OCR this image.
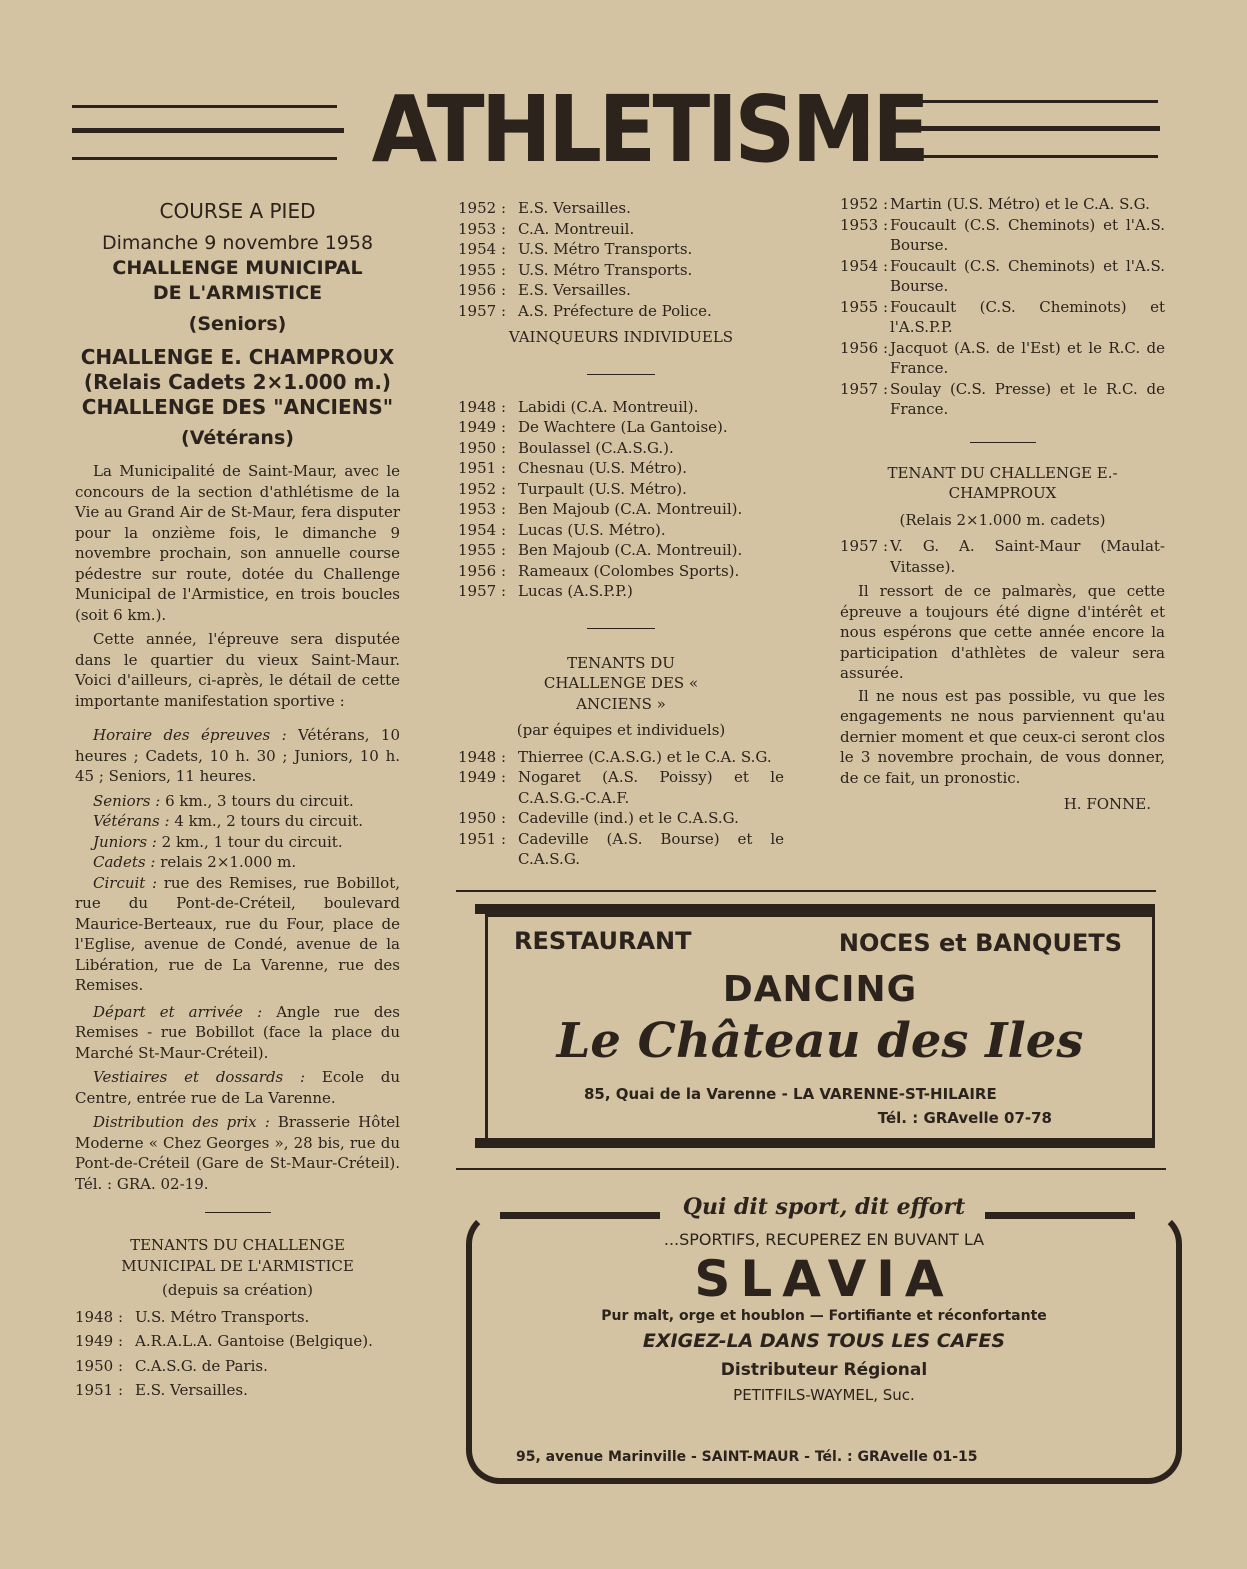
ATHLETISME
COURSE A PIED
Dimanche 9 novembre 1958
CHALLENGE MUNICIPAL DE L'ARMISTICE
(Seniors)
CHALLENGE E. CHAMPROUX
(Relais Cadets 2×1.000 m.)
CHALLENGE DES "ANCIENS"
(Vétérans)

La Municipalité de Saint-Maur, avec le concours de la section d'athlétisme de la Vie au Grand Air de St-Maur, fera disputer pour la onzième fois, le dimanche 9 novembre prochain, son annuelle course pédestre sur route, dotée du Challenge Municipal de l'Armistice, en trois boucles (soit 6 km.).

Cette année, l'épreuve sera disputée dans le quartier du vieux Saint-Maur. Voici d'ailleurs, ci-après, le détail de cette importante manifestation sportive :

Horaire des épreuves : Vétérans, 10 heures ; Cadets, 10 h. 30 ; Juniors, 10 h. 45 ; Seniors, 11 heures.

Seniors : 6 km., 3 tours du circuit.

Vétérans : 4 km., 2 tours du circuit.

Juniors : 2 km., 1 tour du circuit.

Cadets : relais 2×1.000 m.

Circuit : rue des Remises, rue Bobillot, rue du Pont-de-Créteil, boulevard Maurice-Berteaux, rue du Four, place de l'Eglise, avenue de Condé, avenue de la Libération, rue de La Varenne, rue des Remises.

Départ et arrivée : Angle rue des Remises - rue Bobillot (face la place du Marché St-Maur-Créteil).

Vestiaires et dossards : Ecole du Centre, entrée rue de La Varenne.

Distribution des prix : Brasserie Hôtel Moderne « Chez Georges », 28 bis, rue du Pont-de-Créteil (Gare de St-Maur-Créteil). Tél. : GRA. 02-19.

TENANTS DU CHALLENGE MUNICIPAL DE L'ARMISTICE
(depuis sa création)
1948 : U.S. Métro Transports.
1949 : A.R.A.L.A. Gantoise (Belgique).
1950 : C.A.S.G. de Paris.
1951 : E.S. Versailles.
1952 : E.S. Versailles.
1953 : C.A. Montreuil.
1954 : U.S. Métro Transports.
1955 : U.S. Métro Transports.
1956 : E.S. Versailles.
1957 : A.S. Préfecture de Police.
VAINQUEURS INDIVIDUELS
1948 : Labidi (C.A. Montreuil).
1949 : De Wachtere (La Gantoise).
1950 : Boulassel (C.A.S.G.).
1951 : Chesnau (U.S. Métro).
1952 : Turpault (U.S. Métro).
1953 : Ben Majoub (C.A. Montreuil).
1954 : Lucas (U.S. Métro).
1955 : Ben Majoub (C.A. Montreuil).
1956 : Rameaux (Colombes Sports).
1957 : Lucas (A.S.P.P.)
TENANTS DU CHALLENGE DES « ANCIENS »
(par équipes et individuels)
1948 : Thierree (C.A.S.G.) et le C.A. S.G.
1949 : Nogaret (A.S. Poissy) et le C.A.S.G.-C.A.F.
1950 : Cadeville (ind.) et le C.A.S.G.
1951 : Cadeville (A.S. Bourse) et le C.A.S.G.
1952 : Martin (U.S. Métro) et le C.A. S.G.
1953 : Foucault (C.S. Cheminots) et l'A.S. Bourse.
1954 : Foucault (C.S. Cheminots) et l'A.S. Bourse.
1955 : Foucault (C.S. Cheminots) et l'A.S.P.P.
1956 : Jacquot (A.S. de l'Est) et le R.C. de France.
1957 : Soulay (C.S. Presse) et le R.C. de France.
TENANT DU CHALLENGE E.-CHAMPROUX
(Relais 2×1.000 m. cadets)
1957 : V. G. A. Saint-Maur (Maulat-Vitasse).

Il ressort de ce palmarès, que cette épreuve a toujours été digne d'intérêt et nous espérons que cette année encore la participation d'athlètes de valeur sera assurée.

Il ne nous est pas possible, vu que les engagements ne nous parviennent qu'au dernier moment et que ceux-ci seront clos le 3 novembre prochain, de vous donner, de ce fait, un pronostic.

H. FONNE.
RESTAURANT	NOCES et BANQUETS
DANCING
Le Château des Iles
85, Quai de la Varenne - LA VARENNE-ST-HILAIRE
Tél. : GRAvelle 07-78
Qui dit sport, dit effort
...SPORTIFS, RECUPEREZ EN BUVANT LA
SLAVIA
Pur malt, orge et houblon — Fortifiante et réconfortante
EXIGEZ-LA DANS TOUS LES CAFES
Distributeur Régional
PETITFILS-WAYMEL, Suc.
95, avenue Marinville - SAINT-MAUR - Tél. : GRAvelle 01-15
